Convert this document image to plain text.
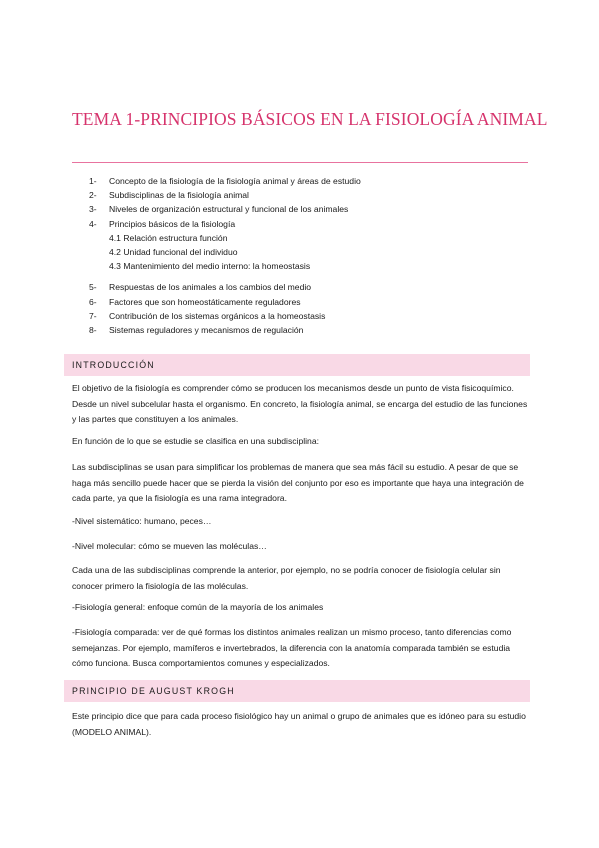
TEMA 1-PRINCIPIOS BÁSICOS EN LA FISIOLOGÍA ANIMAL
1-	Concepto de la fisiología de la fisiología animal y áreas de estudio
2-	Subdisciplinas de la fisiología animal
3-	Niveles de organización estructural y funcional de los animales
4-	Principios básicos de la fisiología
4.1 Relación estructura función
4.2 Unidad funcional del individuo
4.3 Mantenimiento del medio interno: la homeostasis
5-	Respuestas de los animales a los cambios del medio
6-	Factores que son homeostáticamente reguladores
7-	Contribución de los sistemas orgánicos a la homeostasis
8-	Sistemas reguladores y mecanismos de regulación
INTRODUCCIÓN
El objetivo de la fisiología es comprender cómo se producen los mecanismos desde un punto de vista fisicoquímico. Desde un nivel subcelular hasta el organismo. En concreto, la fisiología animal, se encarga del estudio de las funciones y las partes que constituyen a los animales.
En función de lo que se estudie se clasifica en una subdisciplina:
Las subdisciplinas se usan para simplificar los problemas de manera que sea más fácil su estudio. A pesar de que se haga más sencillo puede hacer que se pierda la visión del conjunto por eso es importante que haya una integración de cada parte, ya que la fisiología es una rama integradora.
-Nivel sistemático: humano, peces…
-Nivel molecular: cómo se mueven las moléculas…
Cada una de las subdisciplinas comprende la anterior, por ejemplo, no se podría conocer de fisiología celular sin conocer primero la fisiología de las moléculas.
-Fisiología general: enfoque común de la mayoría de los animales
-Fisiología comparada: ver de qué formas los distintos animales realizan un mismo proceso, tanto diferencias como semejanzas. Por ejemplo, mamíferos e invertebrados, la diferencia con la anatomía comparada también se estudia cómo funciona. Busca comportamientos comunes y especializados.
PRINCIPIO DE AUGUST KROGH
Este principio dice que para cada proceso fisiológico hay un animal o grupo de animales que es idóneo para su estudio (MODELO ANIMAL).
